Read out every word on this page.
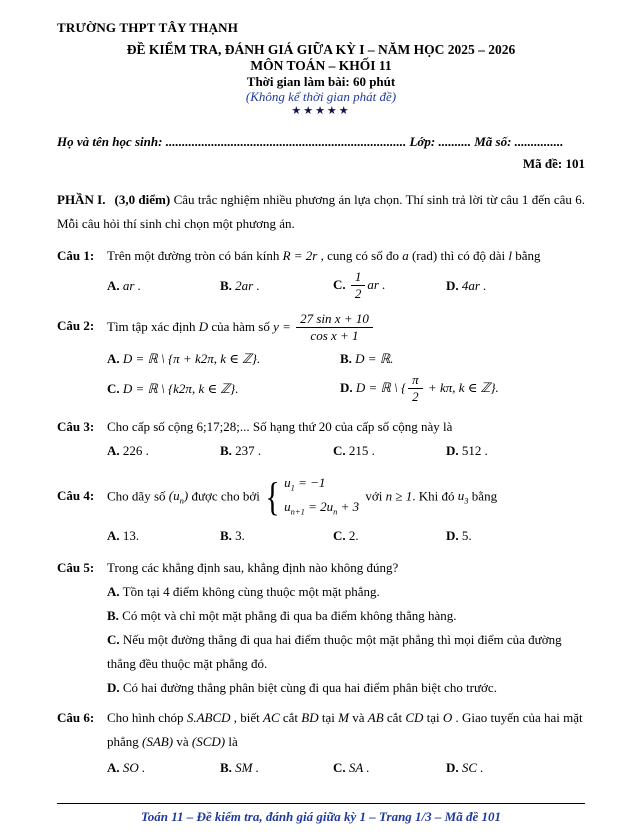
TRƯỜNG THPT TÂY THẠNH
ĐỀ KIỂM TRA, ĐÁNH GIÁ GIỮA KỲ I – NĂM HỌC 2025 – 2026
MÔN TOÁN – KHỐI 11
Thời gian làm bài: 60 phút
(Không kể thời gian phát đề)
★★★★★
Họ và tên học sinh: .......................................................................... Lớp: .......... Mã số: ...............
Mã đề: 101
PHẦN I. (3,0 điểm) Câu trắc nghiệm nhiều phương án lựa chọn. Thí sinh trả lời từ câu 1 đến câu 6. Mỗi câu hỏi thí sinh chỉ chọn một phương án.
Câu 1: Trên một đường tròn có bán kính R = 2r , cung có số đo a (rad) thì có độ dài l bằng
A. ar .	B. 2ar .	C. $\frac{1}{2}$ ar .	D. 4ar .
Câu 2: Tìm tập xác định D của hàm số $y = \frac{\text{27 sin x + 10}}{\text{cos x + 1}}$
A. D = ℝ \ {π + k2π, k ∈ ℤ}.	B. D = ℝ.
C. D = ℝ \ {k2π, k ∈ ℤ}.	D. D = ℝ \ { $\frac{\pi}{2} + k\pi$, k ∈ ℤ}.
Câu 3: Cho cấp số cộng 6;17;28;... Số hạng thứ 20 của cấp số cộng này là
A. 226 .	B. 237 .	C. 215 .	D. 512 .
Câu 4: Cho dãy số $(u_n)$ được cho bởi { $u_1 = -1$
$u_{n+1} = 2u_n + 3$
với n ≥ 1. Khi đó $u_3$ bằng
A. 13.	B. 3.	C. 2.	D. 5.
Câu 5: Trong các khẳng định sau, khẳng định nào không đúng?
A. Tồn tại 4 điểm không cùng thuộc một mặt phẳng.
B. Có một và chỉ một mặt phẳng đi qua ba điểm không thẳng hàng.
C. Nếu một đường thẳng đi qua hai điểm thuộc một mặt phẳng thì mọi điểm của đường thẳng đều thuộc mặt phẳng đó.
D. Có hai đường thẳng phân biệt cùng đi qua hai điểm phân biệt cho trước.
Câu 6: Cho hình chóp S.ABCD , biết AC cắt BD tại M và AB cắt CD tại O . Giao tuyến của hai mặt phẳng (SAB) và (SCD) là
A. SO .	B. SM .	C. SA .	D. SC .
Toán 11 – Đề kiểm tra, đánh giá giữa kỳ 1 – Trang 1/3 – Mã đề 101
